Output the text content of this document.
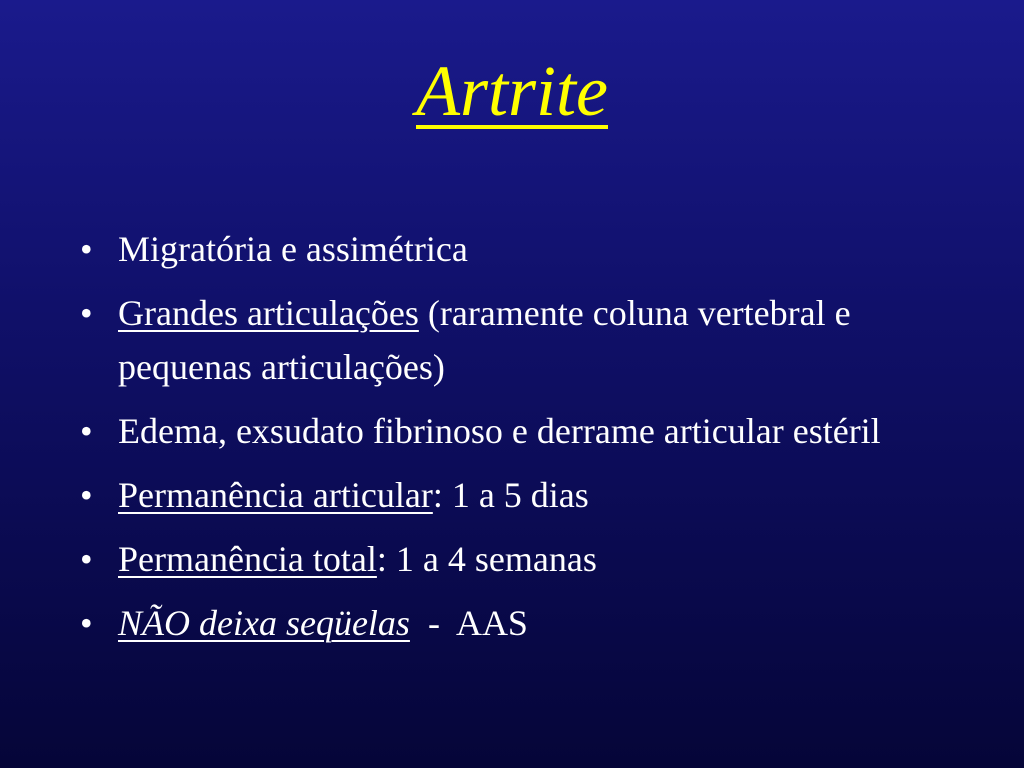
Artrite
• Migratória e assimétrica
• Grandes articulações (raramente coluna vertebral e pequenas articulações)
• Edema, exsudato fibrinoso e derrame articular estéril
• Permanência articular: 1 a 5 dias
• Permanência total: 1 a 4 semanas
• NÃO deixa seqüelas  -  AAS
